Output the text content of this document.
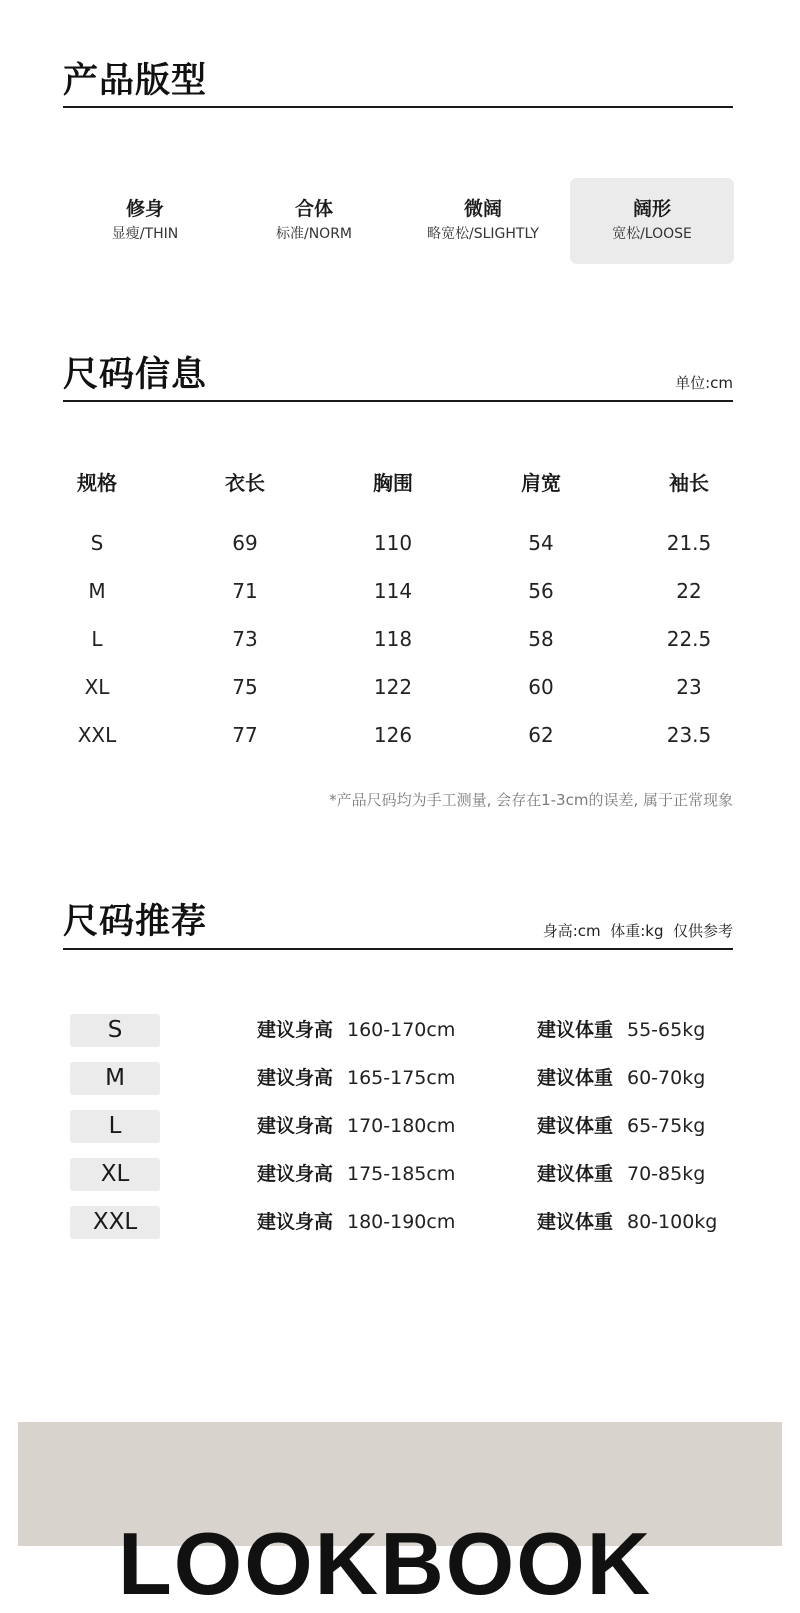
产品版型
修身
显瘦/THIN
合体
标准/NORM
微阔
略宽松/SLIGHTLY
阔形
宽松/LOOSE
尺码信息	单位:cm
规格	衣长	胸围	肩宽	袖长
S	69	110	54	21.5
M	71	114	56	22
L	73	118	58	22.5
XL	75	122	60	23
XXL	77	126	62	23.5
*产品尺码均为手工测量, 会存在1-3cm的误差, 属于正常现象
尺码推荐	身高:cm  体重:kg  仅供参考
S	建议身高 160-170cm	建议体重 55-65kg
M	建议身高 165-175cm	建议体重 60-70kg
L	建议身高 170-180cm	建议体重 65-75kg
XL	建议身高 175-185cm	建议体重 70-85kg
XXL	建议身高 180-190cm	建议体重 80-100kg
LOOKBOOK
